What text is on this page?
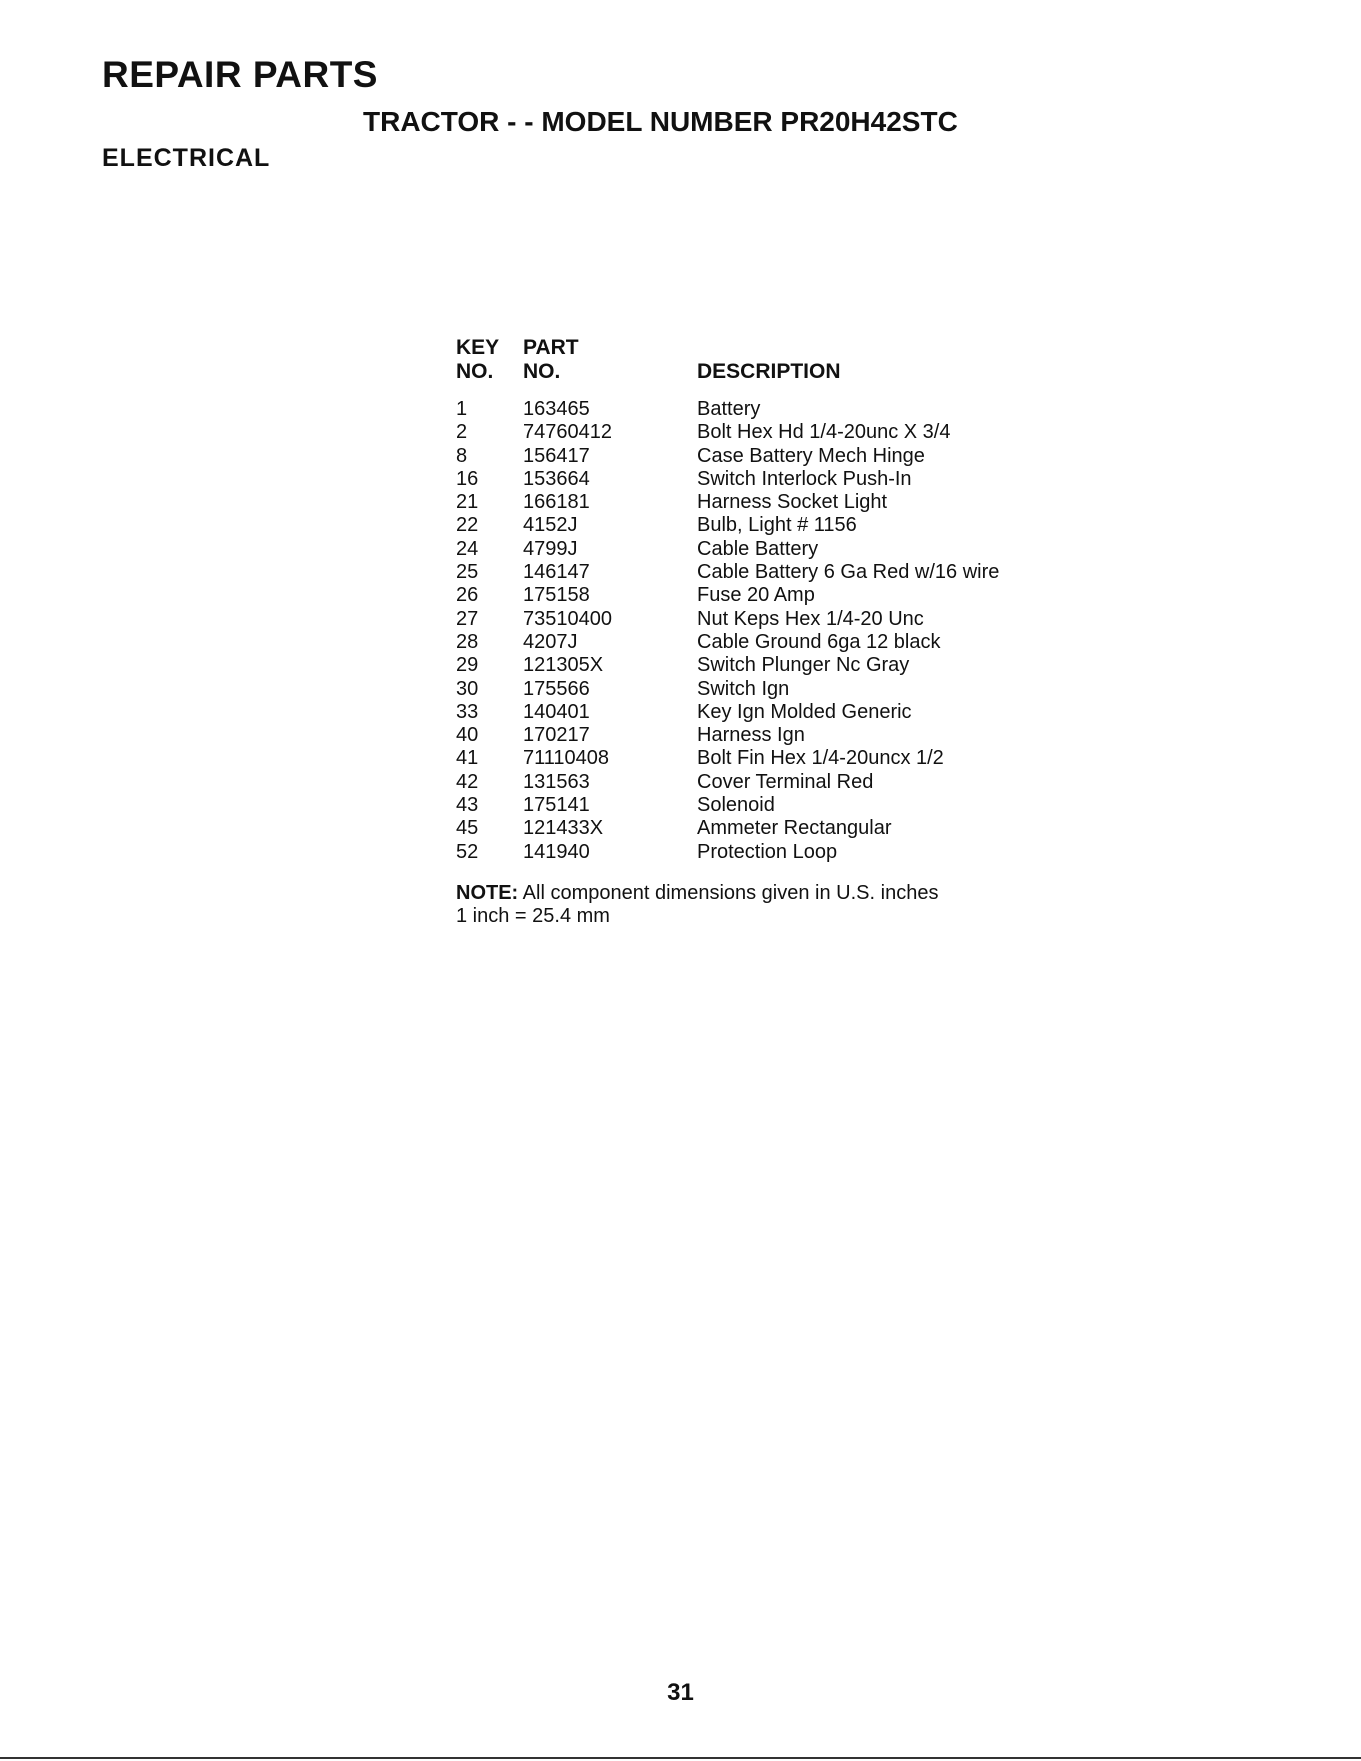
REPAIR PARTS
TRACTOR - - MODEL NUMBER PR20H42STC
ELECTRICAL
KEY PART
NO. NO.	DESCRIPTION
1	163465	Battery
2	74760412	Bolt Hex Hd 1/4-20unc X 3/4
8	156417	Case Battery Mech Hinge
16 153664	Switch Interlock Push-In
21 166181	Harness Socket Light
22 4152J	Bulb, Light # 1156
24 4799J	Cable Battery
25 146147	Cable Battery 6 Ga Red w/16 wire
26 175158	Fuse 20 Amp
27 73510400	Nut Keps Hex 1/4-20 Unc
28 4207J	Cable Ground 6ga 12 black
29 121305X	Switch Plunger Nc Gray
30 175566	Switch Ign
33 140401	Key Ign Molded Generic
40 170217	Harness Ign
41 71110408	Bolt Fin Hex 1/4-20uncx 1/2
42 131563	Cover Terminal Red
43 175141	Solenoid
45 121433X	Ammeter Rectangular
52 141940	Protection Loop
NOTE: All component dimensions given in U.S. inches
1 inch = 25.4 mm
31
